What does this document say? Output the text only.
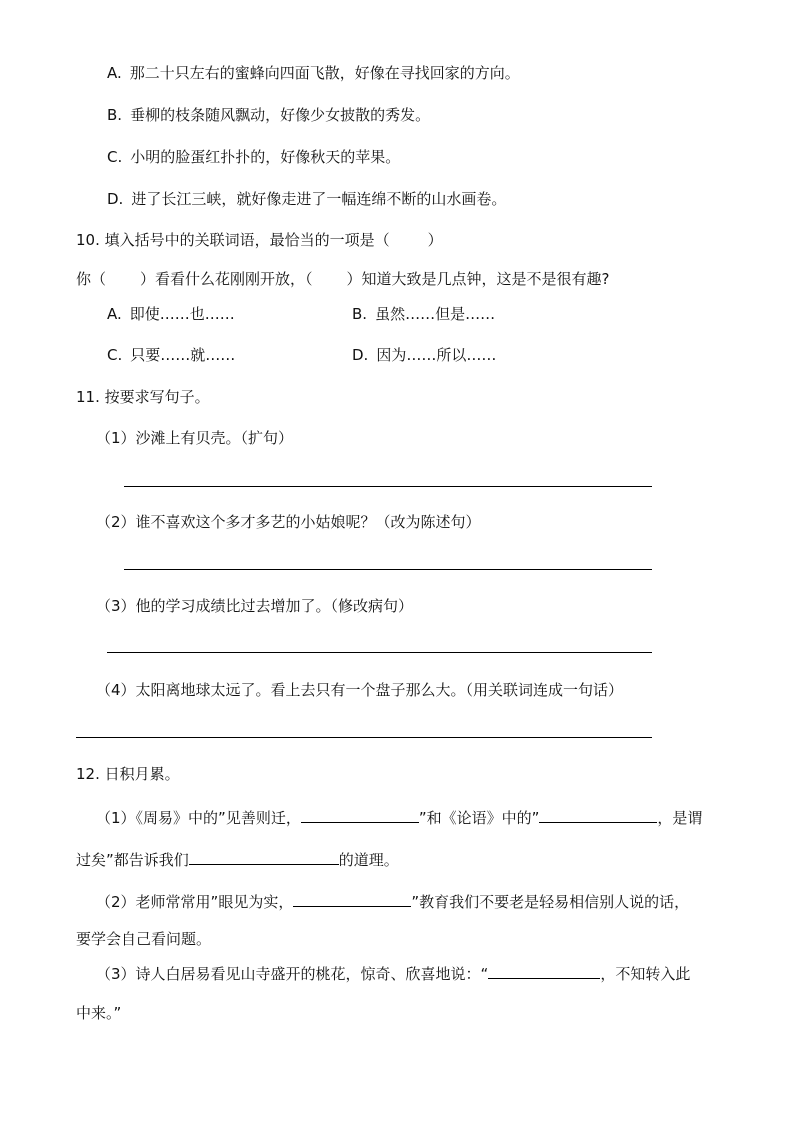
A. 那二十只左右的蜜蜂向四面飞散，好像在寻找回家的方向。
B. 垂柳的枝条随风飘动，好像少女披散的秀发。
C. 小明的脸蛋红扑扑的，好像秋天的苹果。
D. 进了长江三峡，就好像走进了一幅连绵不断的山水画卷。
10. 填入括号中的关联词语，最恰当的一项是（	）
你（ ）看看什么花刚刚开放，（ ）知道大致是几点钟，这是不是很有趣?
A. 即使……也……	B. 虽然……但是……
C. 只要……就……	D. 因为……所以……
11. 按要求写句子。
（1）沙滩上有贝壳。（扩句）
（2）谁不喜欢这个多才多艺的小姑娘呢？（改为陈述句）
（3）他的学习成绩比过去增加了。（修改病句）
（4）太阳离地球太远了。看上去只有一个盘子那么大。（用关联词连成一句话）
12. 日积月累。
（1）《周易》中的”见善则迁，	”和《论语》中的”	，是谓
过矣”都告诉我们	的道理。
（2）老师常常用”眼见为实，	”教育我们不要老是轻易相信别人说的话，
要学会自己看问题。
（3）诗人白居易看见山寺盛开的桃花，惊奇、欣喜地说：“	，不知转入此
中来。”
